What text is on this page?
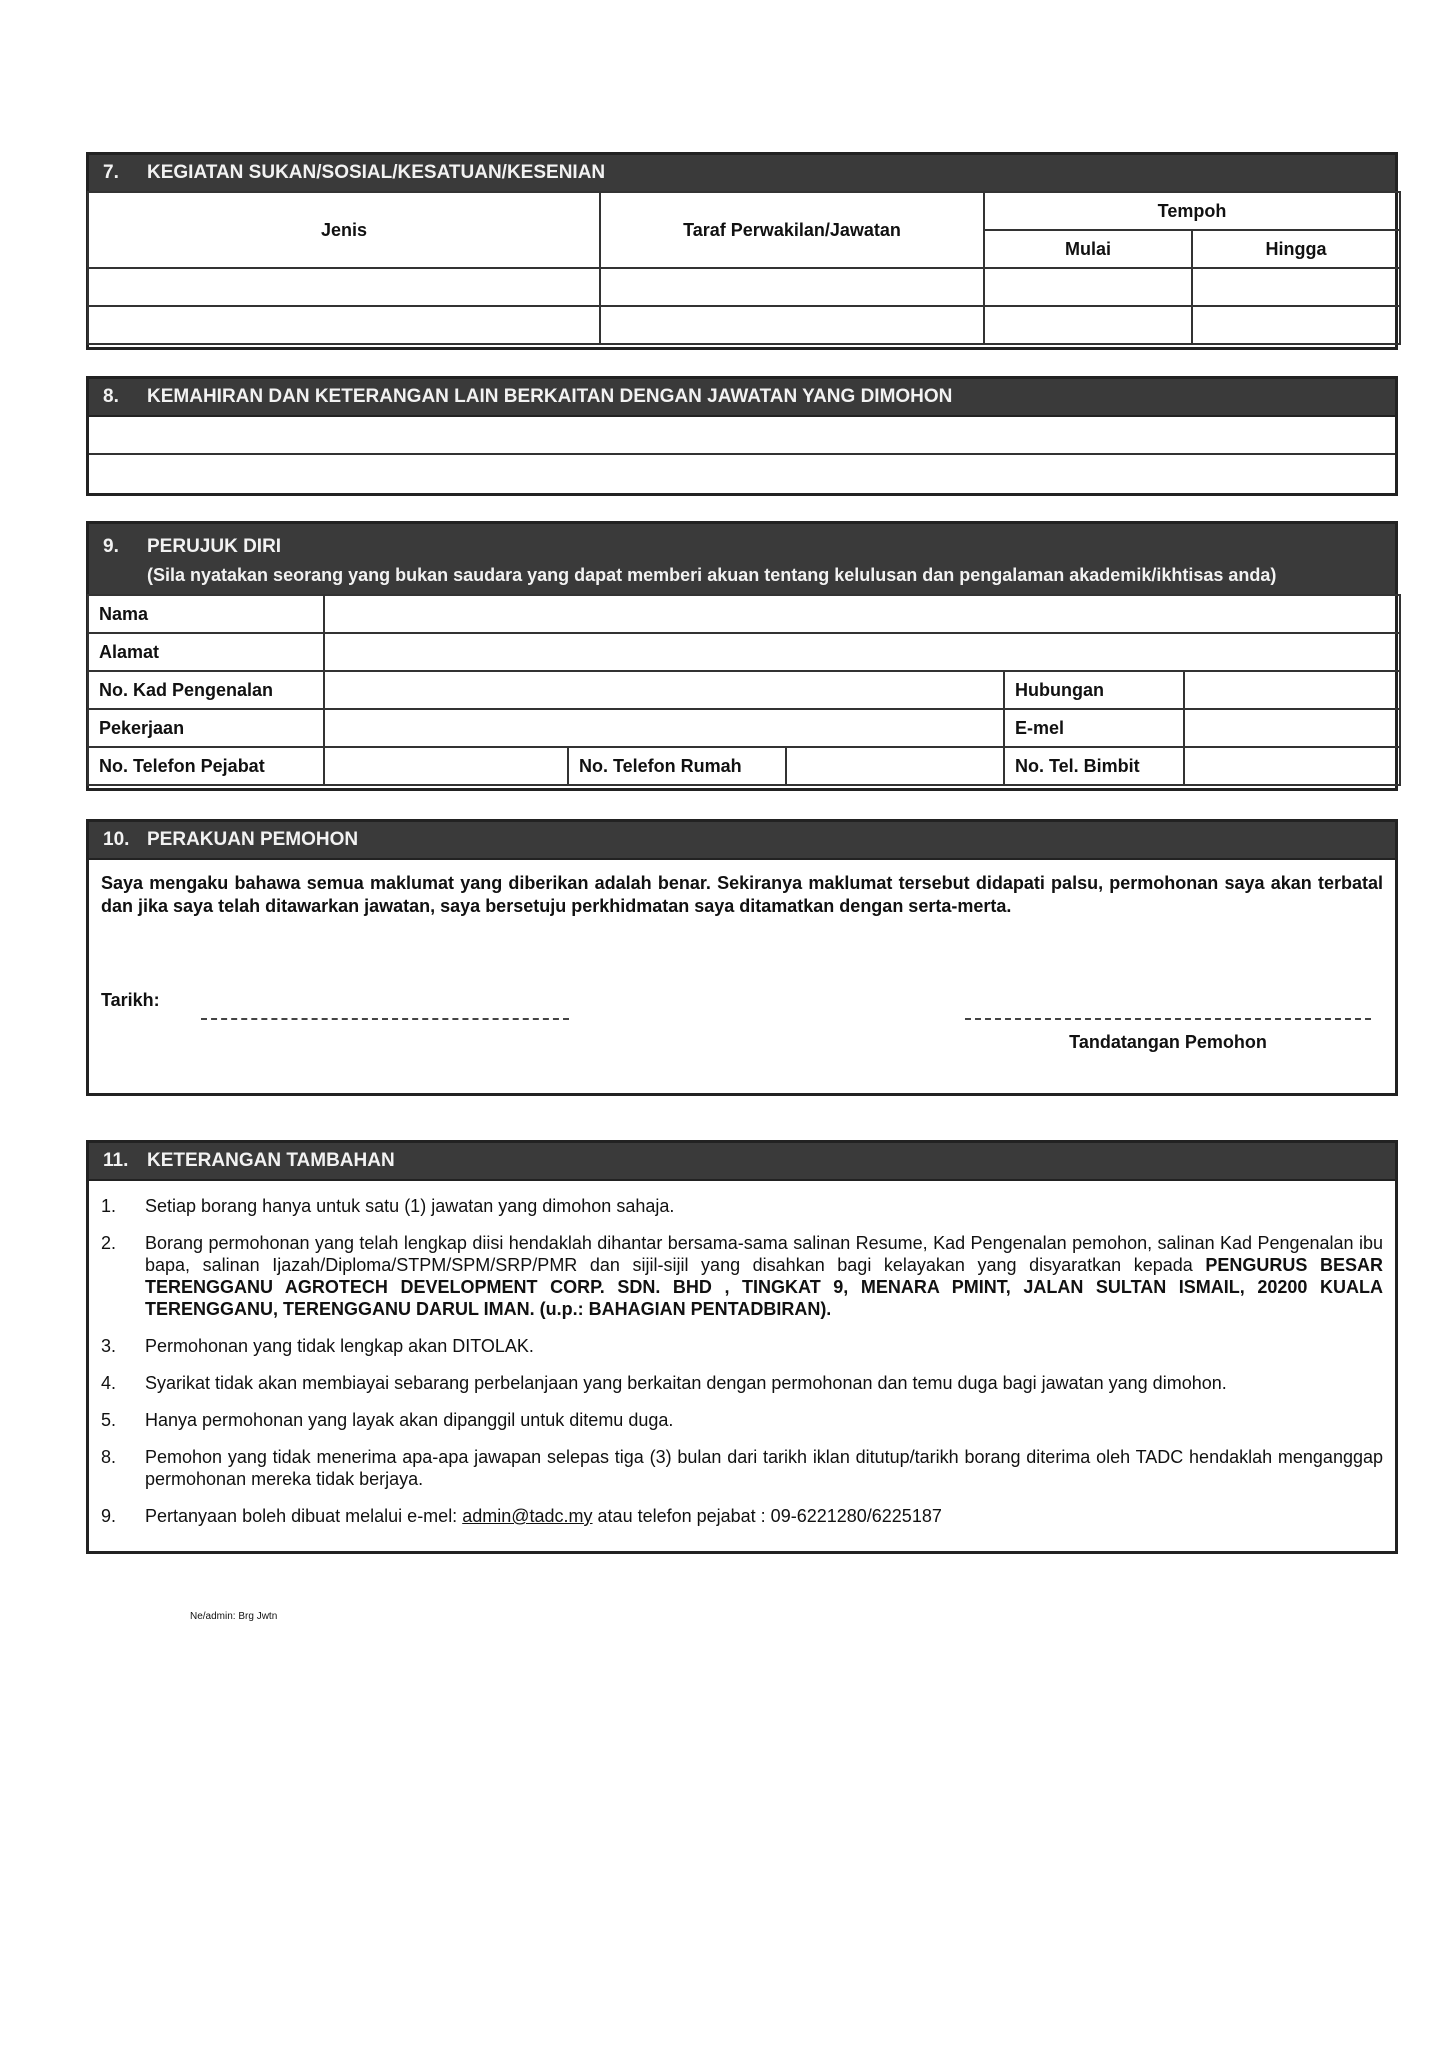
7.	KEGIATAN SUKAN/SOSIAL/KESATUAN/KESENIAN
Jenis	Taraf Perwakilan/Jawatan	Tempoh	
		Mulai	Hingga

8.	KEMAHIRAN DAN KETERANGAN LAIN BERKAITAN DENGAN JAWATAN YANG DIMOHON
9. PERUJUK DIRI
(Sila nyatakan seorang yang bukan saudara yang dapat memberi akuan tentang kelulusan dan pengalaman akademik/ikhtisas anda)
Nama					
Alamat					
No. Kad Pengenalan				Hubungan	
Pekerjaan				E-mel	
No. Telefon Pejabat		No. Telefon Rumah		No. Tel. Bimbit	
10. PERAKUAN PEMOHON

Saya mengaku bahawa semua maklumat yang diberikan adalah benar. Sekiranya maklumat tersebut didapati palsu, permohonan saya akan terbatal dan jika saya telah ditawarkan jawatan, saya bersetuju perkhidmatan saya ditamatkan dengan serta-merta.

Tarikh:
Tandatangan Pemohon
11. KETERANGAN TAMBAHAN
1.	Setiap borang hanya untuk satu (1) jawatan yang dimohon sahaja.
2.	Borang permohonan yang telah lengkap diisi hendaklah dihantar bersama-sama salinan Resume, Kad Pengenalan pemohon, salinan Kad Pengenalan ibu bapa, salinan Ijazah/Diploma/STPM/SPM/SRP/PMR dan sijil-sijil yang disahkan bagi kelayakan yang disyaratkan kepada PENGURUS BESAR TERENGGANU AGROTECH DEVELOPMENT CORP. SDN. BHD , TINGKAT 9, MENARA PMINT, JALAN SULTAN ISMAIL, 20200 KUALA TERENGGANU, TERENGGANU DARUL IMAN. (u.p.: BAHAGIAN PENTADBIRAN).
3.	Permohonan yang tidak lengkap akan DITOLAK.
4.	Syarikat tidak akan membiayai sebarang perbelanjaan yang berkaitan dengan permohonan dan temu duga bagi jawatan yang dimohon.
5.	Hanya permohonan yang layak akan dipanggil untuk ditemu duga.
8.	Pemohon yang tidak menerima apa-apa jawapan selepas tiga (3) bulan dari tarikh iklan ditutup/tarikh borang diterima oleh TADC hendaklah menganggap permohonan mereka tidak berjaya.
9.	Pertanyaan boleh dibuat melalui e-mel: admin@tadc.my atau telefon pejabat : 09-6221280/6225187
Ne/admin: Brg Jwtn
